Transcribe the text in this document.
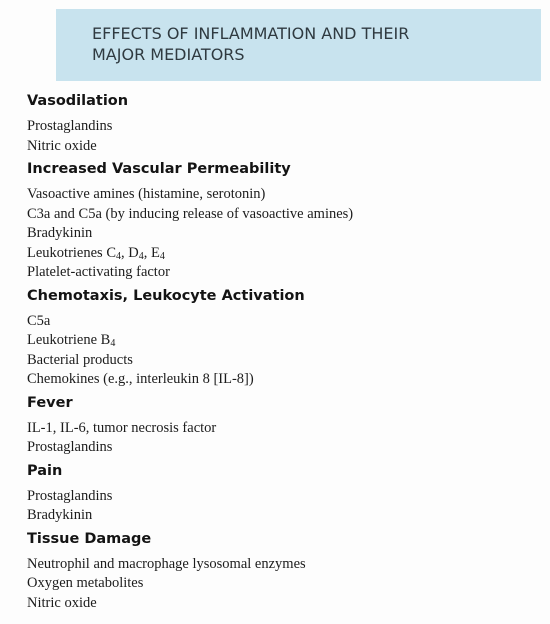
EFFECTS OF INFLAMMATION AND THEIR
MAJOR MEDIATORS
Vasodilation
Prostaglandins
Nitric oxide
Increased Vascular Permeability
Vasoactive amines (histamine, serotonin)
C3a and C5a (by inducing release of vasoactive amines)
Bradykinin
Leukotrienes $C_4$, $D_4$, $E_4$
Platelet-activating factor
Chemotaxis, Leukocyte Activation
C5a
Leukotriene $B_4$
Bacterial products
Chemokines (e.g., interleukin 8 [IL-8])
Fever
IL-1, IL-6, tumor necrosis factor
Prostaglandins
Pain
Prostaglandins
Bradykinin
Tissue Damage
Neutrophil and macrophage lysosomal enzymes
Oxygen metabolites
Nitric oxide
